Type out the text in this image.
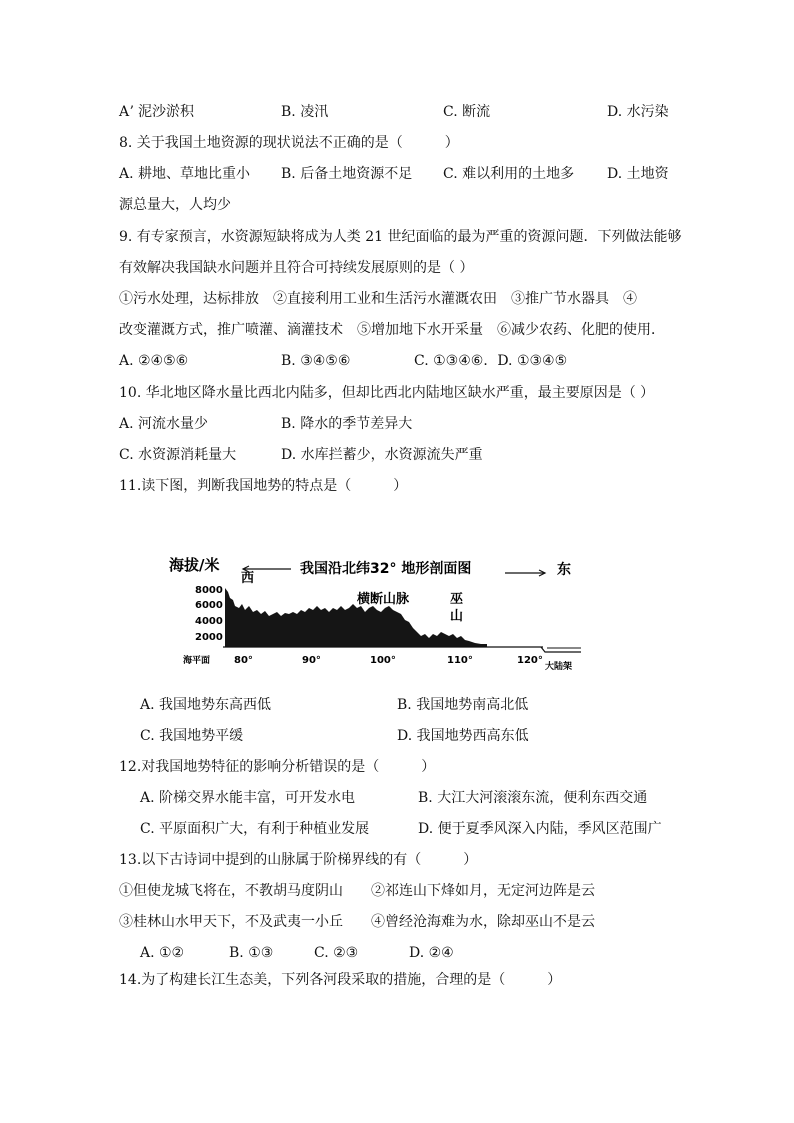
Aʼ 泥沙淤积	B. 凌汛	C. 断流	D. 水污染
8. 关于我国土地资源的现状说法不正确的是（　　　）
A. 耕地、草地比重小 B. 后备土地资源不足 C. 难以利用的土地多 D. 土地资
源总量大，人均少
9. 有专家预言，水资源短缺将成为人类 21 世纪面临的最为严重的资源问题．下列做法能够
有效解决我国缺水问题并且符合可持续发展原则的是（ ）
①污水处理，达标排放　②直接利用工业和生活污水灌溉农田　③推广节水器具　④
改变灌溉方式，推广喷灌、滴灌技术　⑤增加地下水开采量　⑥减少农药、化肥的使用．
A. ②④⑤⑥	B. ③④⑤⑥	C. ①③④⑥．D. ①③④⑤
10. 华北地区降水量比西北内陆多，但却比西北内陆地区缺水严重，最主要原因是（ ）
A. 河流水量少	B. 降水的季节差异大
C. 水资源消耗量大	D. 水库拦蓄少，水资源流失严重
11.读下图，判断我国地势的特点是（　　　）
海拔/米
西
我国沿北纬32° 地形剖面图	东
8000
6000
4000
2000
横断山脉	巫
山
海平面 80°	90°	100°	110°	120°
大陆架
A. 我国地势东高西低	B. 我国地势南高北低
C. 我国地势平缓	D. 我国地势西高东低
12.对我国地势特征的影响分析错误的是（　　　）
A. 阶梯交界水能丰富，可开发水电	B. 大江大河滚滚东流，便利东西交通
C. 平原面积广大，有利于种植业发展	D. 便于夏季风深入内陆，季风区范围广
13.以下古诗词中提到的山脉属于阶梯界线的有（　　　）
①但使龙城飞将在，不教胡马度阴山　　②祁连山下烽如月，无定河边阵是云
③桂林山水甲天下，不及武夷一小丘　　④曾经沧海难为水，除却巫山不是云
A. ①②	B. ①③	C. ②③	D. ②④
14.为了构建长江生态美，下列各河段采取的措施，合理的是（　　　）
